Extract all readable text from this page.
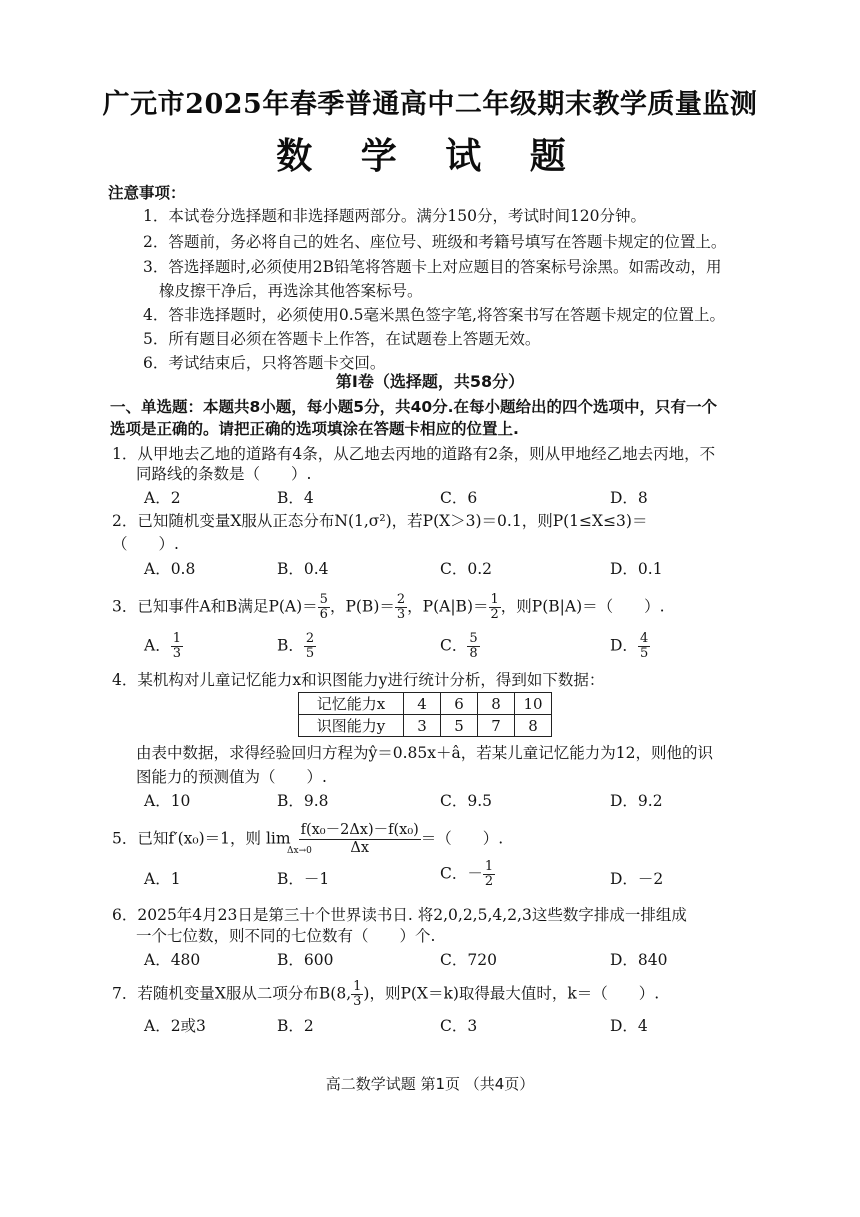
广元市2025年春季普通高中二年级期末教学质量监测
数 学 试 题
注意事项：
1．本试卷分选择题和非选择题两部分。满分150分，考试时间120分钟。
2．答题前，务必将自己的姓名、座位号、班级和考籍号填写在答题卡规定的位置上。
3．答选择题时,必须使用2B铅笔将答题卡上对应题目的答案标号涂黑。如需改动，用
橡皮擦干净后，再选涂其他答案标号。
4．答非选择题时，必须使用0.5毫米黑色签字笔,将答案书写在答题卡规定的位置上。
5．所有题目必须在答题卡上作答，在试题卷上答题无效。
6．考试结束后，只将答题卡交回。
第Ⅰ卷（选择题，共58分）
一、单选题：本题共8小题，每小题5分，共40分.在每小题给出的四个选项中，只有一个
选项是正确的。请把正确的选项填涂在答题卡相应的位置上.
1．从甲地去乙地的道路有4条，从乙地去丙地的道路有2条，则从甲地经乙地去丙地，不
同路线的条数是（　　）.
A．2	B．4	C．6	D．8
2．已知随机变量X服从正态分布N(1,σ²)，若P(X＞3)＝0.1，则P(1≤X≤3)＝
（　　）.
A．0.8	B．0.4	C．0.2	D．0.1
3．已知事件A和B满足$P(A)= \frac{5}{6}$ ，$P(B)= \frac{2}{3}$ ，$P(A|B)= \frac{1}{2}$ ，则P(B|A)＝（　　）.
A． $\frac{1}{3}$	B． $\frac{2}{5}$	C． $\frac{5}{8}$	D． $\frac{4}{5}$
4．某机构对儿童记忆能力x和识图能力y进行统计分析，得到如下数据：
记忆能力x	4	6	8	10
识图能力y	3	5	7	8
由表中数据，求得经验回归方程为ŷ＝0.85x＋â，若某儿童记忆能力为12，则他的识
图能力的预测值为（　　）.
A．10	B．9.8	C．9.5	D．9.2
5．已知f′(x₀)＝1，则 lim
Δx→0
$\frac{\text{f(x₀－2Δx)－f(x₀)}}{\Delta x}$ ＝（　　）.
A．1	B．－1	C．－ $\frac{1}{2}$	D．－2
6．2025年4月23日是第三十个世界读书日. 将2,0,2,5,4,2,3这些数字排成一排组成
一个七位数，则不同的七位数有（　　）个.
A．480	B．600	C．720	D．840
7．若随机变量X服从二项分布B(8, $\frac{1}{3}$ )，则P(X＝k)取得最大值时，k＝（　　）.
A．2或3	B．2	C．3	D．4
高二数学试题 第1页 （共4页）
